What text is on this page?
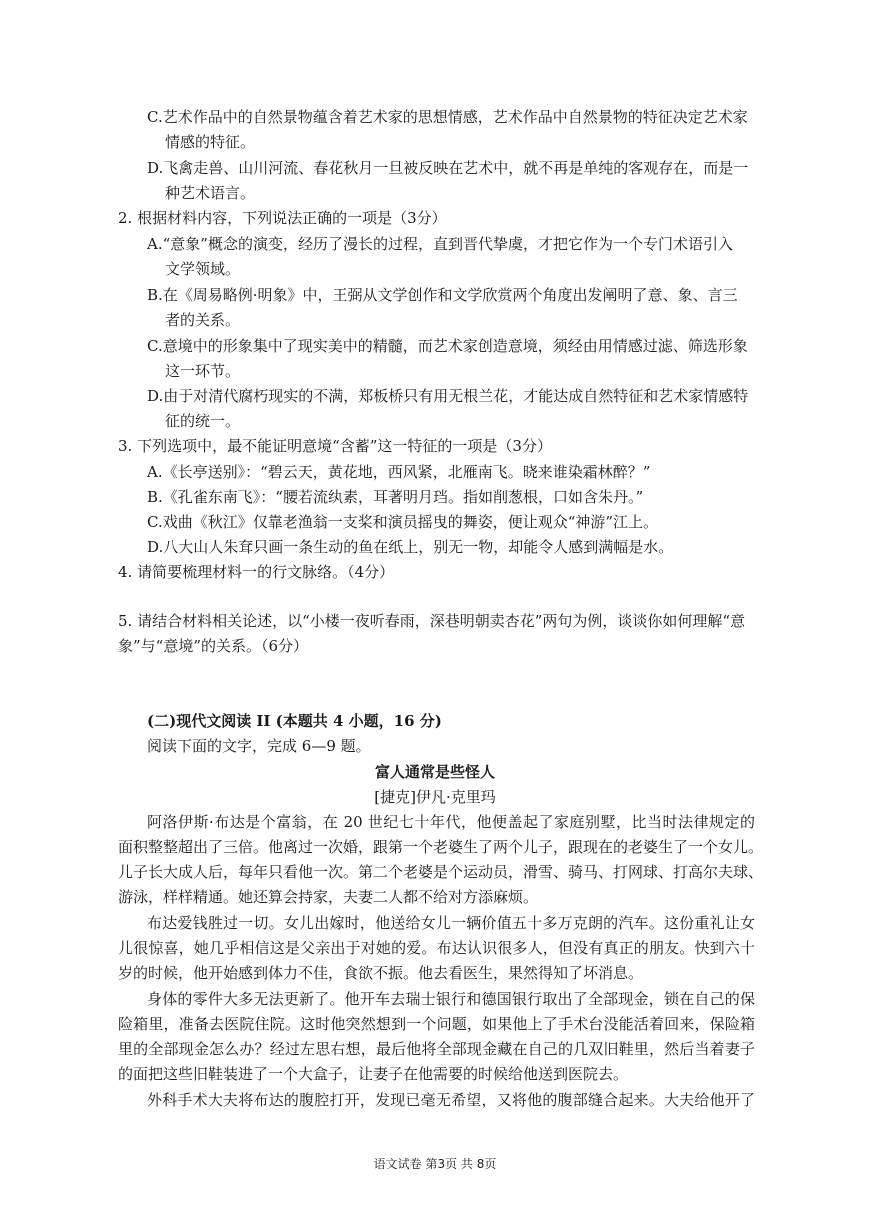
C.艺术作品中的自然景物蕴含着艺术家的思想情感，艺术作品中自然景物的特征决定艺术家
情感的特征。
D.飞禽走兽、山川河流、春花秋月一旦被反映在艺术中，就不再是单纯的客观存在，而是一
种艺术语言。
2. 根据材料内容，下列说法正确的一项是（3分）
A.“意象”概念的演变，经历了漫长的过程，直到晋代挚虞，才把它作为一个专门术语引入
文学领域。
B.在《周易略例·明象》中，王弼从文学创作和文学欣赏两个角度出发阐明了意、象、言三
者的关系。
C.意境中的形象集中了现实美中的精髓，而艺术家创造意境，须经由用情感过滤、筛选形象
这一环节。
D.由于对清代腐朽现实的不满，郑板桥只有用无根兰花，才能达成自然特征和艺术家情感特
征的统一。
3. 下列选项中，最不能证明意境“含蓄”这一特征的一项是（3分）
A.《长亭送别》：“碧云天，黄花地，西风紧，北雁南飞。晓来谁染霜林醉？”
B.《孔雀东南飞》：“腰若流纨素，耳著明月珰。指如削葱根，口如含朱丹。”
C.戏曲《秋江》仅靠老渔翁一支桨和演员摇曳的舞姿，便让观众“神游”江上。
D.八大山人朱耷只画一条生动的鱼在纸上，别无一物，却能令人感到满幅是水。
4. 请简要梳理材料一的行文脉络。（4分）
5. 请结合材料相关论述，以“小楼一夜听春雨，深巷明朝卖杏花”两句为例，谈谈你如何理解“意
象”与“意境”的关系。（6分）
(二)现代文阅读 II (本题共 4 小题，16 分)
阅读下面的文字，完成 6—9 题。
富人通常是些怪人
[捷克]伊凡·克里玛
阿洛伊斯·布达是个富翁，在 20 世纪七十年代，他便盖起了家庭别墅，比当时法律规定的
面积整整超出了三倍。他离过一次婚，跟第一个老婆生了两个儿子，跟现在的老婆生了一个女儿。
儿子长大成人后，每年只看他一次。第二个老婆是个运动员，滑雪、骑马、打网球、打高尔夫球、
游泳，样样精通。她还算会持家，夫妻二人都不给对方添麻烦。
布达爱钱胜过一切。女儿出嫁时，他送给女儿一辆价值五十多万克朗的汽车。这份重礼让女
儿很惊喜，她几乎相信这是父亲出于对她的爱。布达认识很多人，但没有真正的朋友。快到六十
岁的时候，他开始感到体力不佳，食欲不振。他去看医生，果然得知了坏消息。
身体的零件大多无法更新了。他开车去瑞士银行和德国银行取出了全部现金，锁在自己的保
险箱里，准备去医院住院。这时他突然想到一个问题，如果他上了手术台没能活着回来，保险箱
里的全部现金怎么办？经过左思右想，最后他将全部现金藏在自己的几双旧鞋里，然后当着妻子
的面把这些旧鞋装进了一个大盒子，让妻子在他需要的时候给他送到医院去。
外科手术大夫将布达的腹腔打开，发现已毫无希望，又将他的腹部缝合起来。大夫给他开了
语文试卷 第3页 共 8页
